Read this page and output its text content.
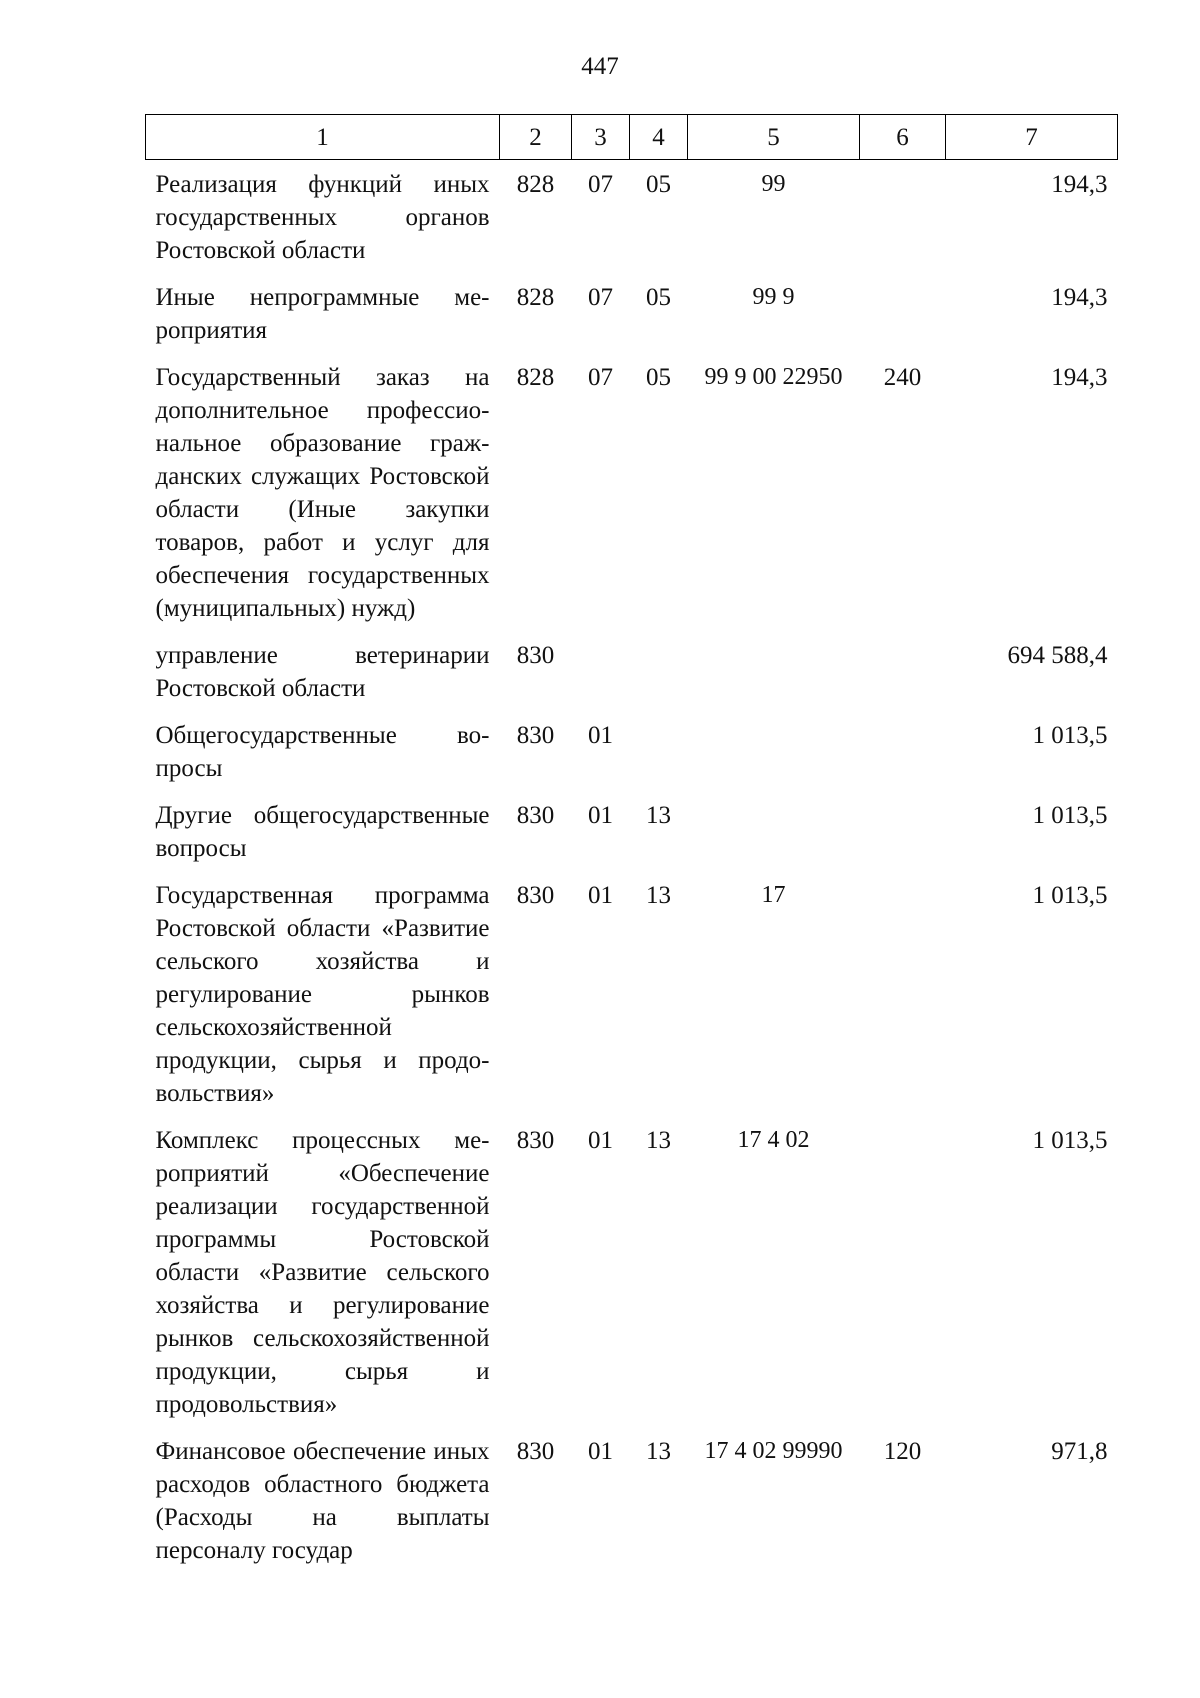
447
1	2	3	4	5	6	7
Реализация функций иных государственных органов Ростовской области	828	07	05	99		194,3
Иные непрограммные мероприятия	828	07	05	99 9		194,3
Государственный заказ на дополнительное профессиональное образование гражданских служащих Ростовской области (Иные закупки товаров, работ и услуг для обеспечения государственных (муниципальных) нужд)	828	07	05	99 9 00 22950	240	194,3
управление ветеринарии Ростовской области	830					694 588,4
Общегосударственные вопросы	830	01				1 013,5
Другие общегосударственные вопросы	830	01	13			1 013,5
Государственная программа Ростовской области «Развитие сельского хозяйства и регулирование рынков сельскохозяйственной продукции, сырья и продовольствия»	830	01	13	17		1 013,5
Комплекс процессных мероприятий «Обеспечение реализации государственной программы Ростовской области «Развитие сельского хозяйства и регулирование рынков сельскохозяйственной продукции, сырья и продовольствия»	830	01	13	17 4 02		1 013,5
Финансовое обеспечение иных расходов областного бюджета (Расходы на выплаты персоналу государ	830	01	13	17 4 02 99990	120	971,8
